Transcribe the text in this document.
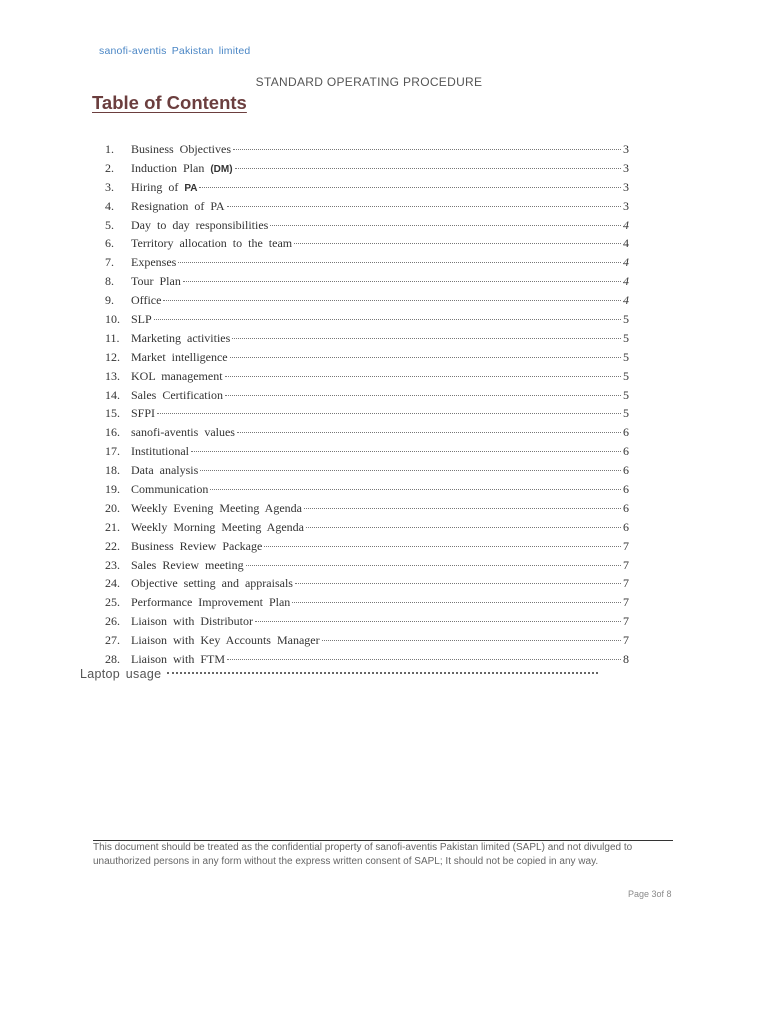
sanofi-aventis Pakistan limited
STANDARD OPERATING PROCEDURE
Table of Contents
1.	Business Objectives	3
2.	Induction Plan (DM)	3
3.	Hiring of PA	3
4.	Resignation of PA	3
5.	Day to day responsibilities	4
6.	Territory allocation to the team	4
7.	Expenses	4
8.	Tour Plan	4
9.	Office	4
10. SLP	5
11. Marketing activities	5
12. Market intelligence	5
13. KOL management	5
14. Sales Certification	5
15. SFPI	5
16. sanofi-aventis values	6
17. Institutional	6
18. Data analysis	6
19. Communication	6
20. Weekly Evening Meeting Agenda	6
21. Weekly Morning Meeting Agenda	6
22. Business Review Package	7
23. Sales Review meeting	7
24. Objective setting and appraisals	7
25. Performance Improvement Plan	7
26. Liaison with Distributor	7
27. Liaison with Key Accounts Manager	7
28. Liaison with FTM	8
Laptop usage
This document should be treated as the confidential property of sanofi-aventis Pakistan limited (SAPL) and not divulged to unauthorized persons in any form without the express written consent of SAPL; It should not be copied in any way.
Page 3of 8
